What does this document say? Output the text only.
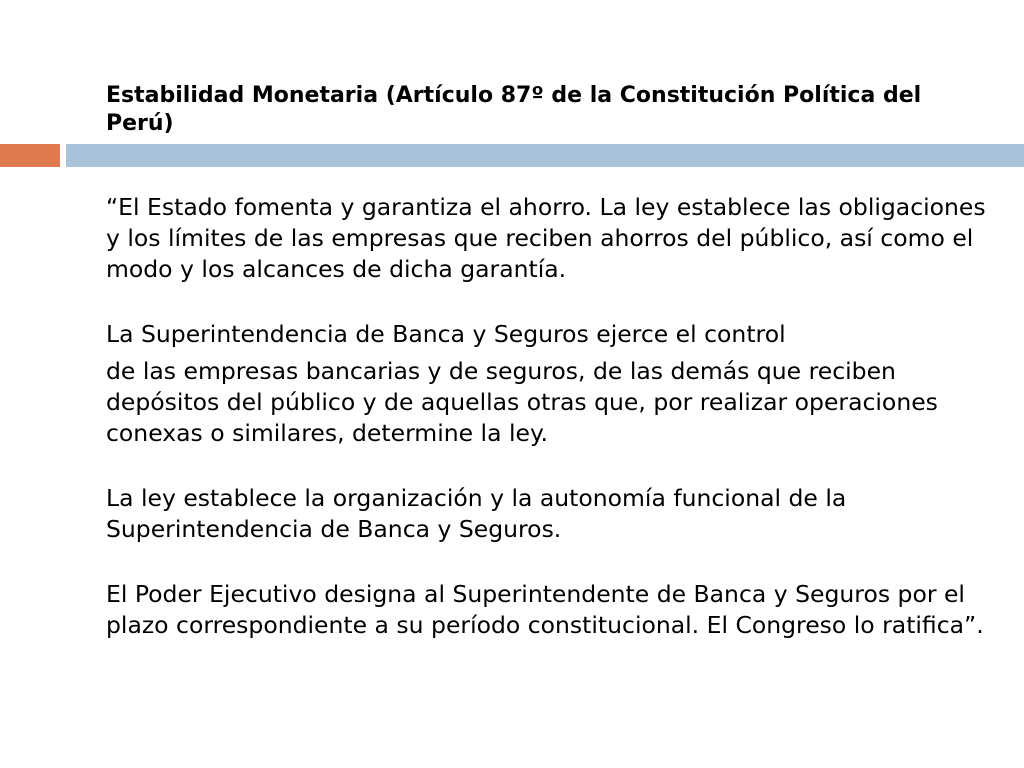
Estabilidad Monetaria (Artículo 87º de la Constitución Política del Perú)

“El Estado fomenta y garantiza el ahorro. La ley establece las obligaciones y los límites de las empresas que reciben ahorros del público, así como el modo y los alcances de dicha garantía.

La Superintendencia de Banca y Seguros ejerce el control

de las empresas bancarias y de seguros, de las demás que reciben depósitos del público y de aquellas otras que, por realizar operaciones conexas o similares, determine la ley.

La ley establece la organización y la autonomía funcional de la Superintendencia de Banca y Seguros.

El Poder Ejecutivo designa al Superintendente de Banca y Seguros por el plazo correspondiente a su período constitucional. El Congreso lo ratifica”.
